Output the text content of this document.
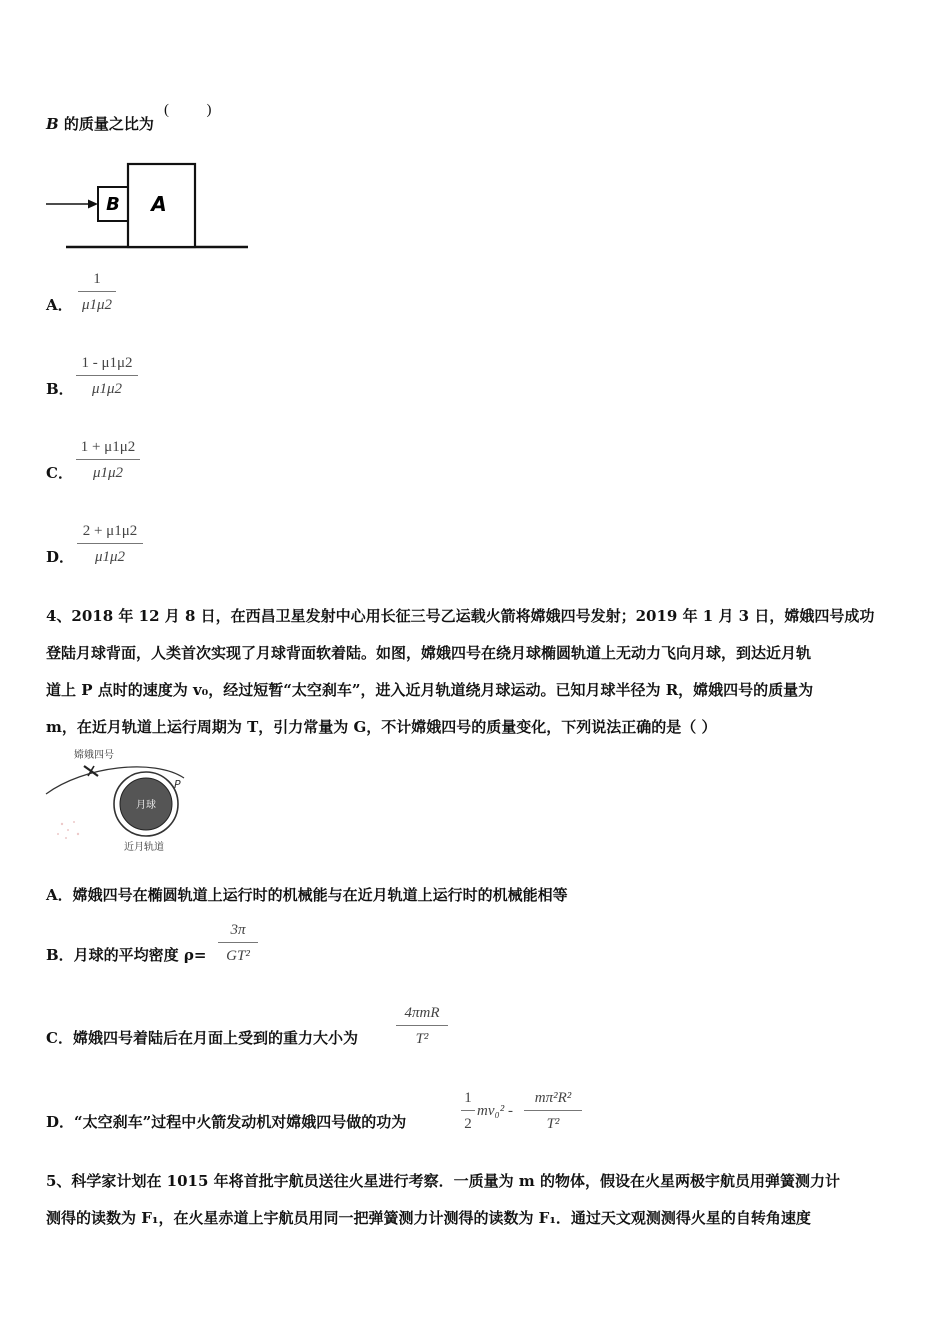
B 的质量之比为
(          )
B A
A．
1
μ1μ2
B．
1 - μ1μ2
μ1μ2
C．
1 + μ1μ2
μ1μ2
D．
2 + μ1μ2
μ1μ2
4、2018 年 12 月 8 日，在西昌卫星发射中心用长征三号乙运载火箭将嫦娥四号发射；2019 年 1 月 3 日，嫦娥四号成功
登陆月球背面，人类首次实现了月球背面软着陆。如图，嫦娥四号在绕月球椭圆轨道上无动力飞向月球，到达近月轨
道上 P 点时的速度为 v₀，经过短暂“太空刹车”，进入近月轨道绕月球运动。已知月球半径为 R，嫦娥四号的质量为
m，在近月轨道上运行周期为 T，引力常量为 G，不计嫦娥四号的质量变化，下列说法正确的是（ ）
月球
嫦娥四号
P
近月轨道
A．嫦娥四号在椭圆轨道上运行时的机械能与在近月轨道上运行时的机械能相等
B．月球的平均密度 ρ=
3π
GT²
C．嫦娥四号着陆后在月面上受到的重力大小为
4πmR
T²
D．“太空刹车”过程中火箭发动机对嫦娥四号做的功为
1
2
mv₀² -
mπ²R²
T²
5、科学家计划在 1015 年将首批宇航员送往火星进行考察．一质量为 m 的物体，假设在火星两极宇航员用弹簧测力计
测得的读数为 F₁，在火星赤道上宇航员用同一把弹簧测力计测得的读数为 F₁．通过天文观测测得火星的自转角速度
